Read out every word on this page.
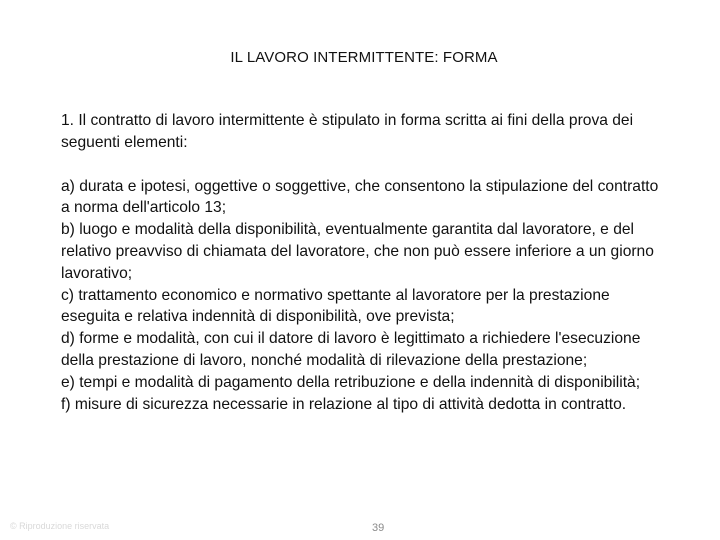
IL LAVORO INTERMITTENTE: FORMA

1. Il contratto di lavoro intermittente è stipulato in forma scritta ai fini della prova dei seguenti elementi:

a) durata e ipotesi, oggettive o soggettive, che consentono la stipulazione del contratto a norma dell'articolo 13;

b) luogo e modalità della disponibilità, eventualmente garantita dal lavoratore, e del relativo preavviso di chiamata del lavoratore, che non può essere inferiore a un giorno lavorativo;

c) trattamento economico e normativo spettante al lavoratore per la prestazione eseguita e relativa indennità di disponibilità, ove prevista;

d) forme e modalità, con cui il datore di lavoro è legittimato a richiedere l'esecuzione della prestazione di lavoro, nonché modalità di rilevazione della prestazione;

e) tempi e modalità di pagamento della retribuzione e della indennità di disponibilità;

f) misure di sicurezza necessarie in relazione al tipo di attività dedotta in contratto.

© Riproduzione riservata	39
